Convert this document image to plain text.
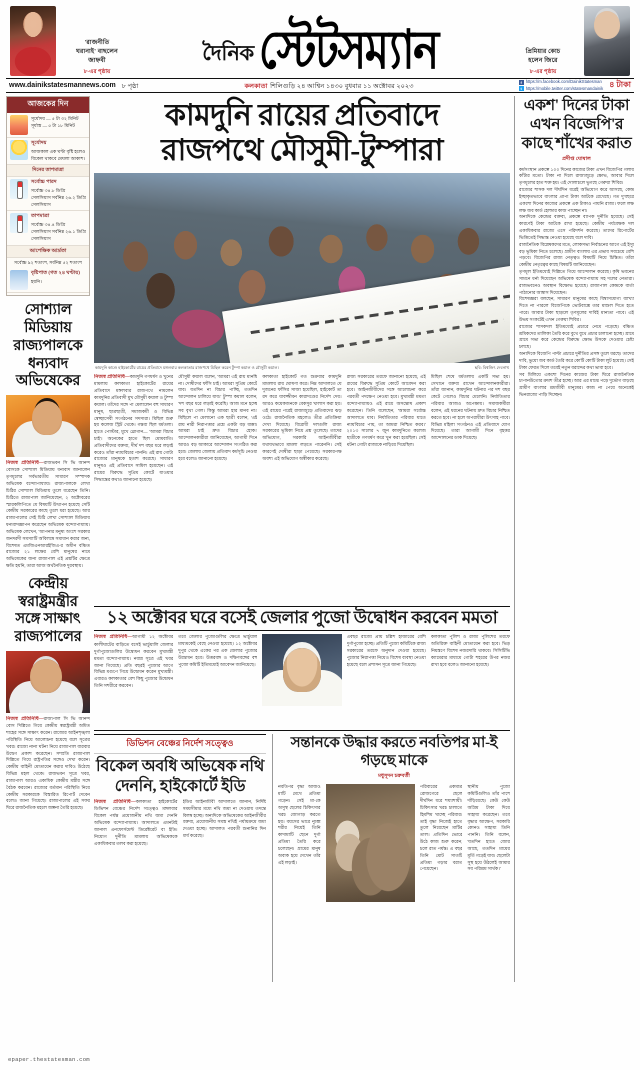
'রাজনীতি
ঘরানাই' বাছলেন
জাহ্নবী
৮-এর পৃষ্ঠায়
দৈনিক স্টেটসম্যান	প্রিমিয়ার কোচ
হলেন জিরে
৮-এর পৃষ্ঠায়
www.dainikstatesmannews.com ৮ পৃষ্ঠা	কলকাতা শিলিগুড়ি ২৪ আশ্বিন ১৪৩০ বুধবার ১১ অক্টোবর ২০২৩
f https://m.facebook.com/DainikStatesman
t https://mobile.twitter.com/statesmandainik ৪ টাকা
আজকের দিন
সূর্যোদয় — ৫ টা ৩২ মিনিট সূর্যাস্ত — ৫ টা ১৮ মিনিট
সূর্যোদয়
আজকাল এক ঘণ্টা বৃষ্টি হলেও বিকেল থাকবে মেঘলা আকাশ।
দিনের তাপমাত্রা
সর্বোচ্চ পারদ
সর্বোচ্চ ৩৪.৮ ডিগ্রি সেলসিয়াস সর্বনিম্ন ২৬.২ ডিগ্রি সেলসিয়াস
তাপমাত্রা
সর্বোচ্চ ৩৪.৪ ডিগ্রি সেলসিয়াস সর্বনিম্ন ২৬.১ ডিগ্রি সেলসিয়াস
আপেক্ষিক আর্দ্রতা
সর্বোচ্চ ৯২ শতাংশ, সর্বনিম্ন ৫২ শতাংশ
বৃষ্টিপাত (গত ২৪ ঘণ্টায়)
হয়নি।
সোশ্যাল মিডিয়ায় রাজ্যপালকে ধন্যবাদ অভিষেকের
নিজস্ব প্রতিনিধি—রাজভবন সি ভি আনন্দ বোসকে সোশ্যাল মিডিয়ায় ধন্যবাদ জানালেন তৃণমূলের সর্বভারতীয় সাধারণ সম্পাদক অভিষেক বন্দ্যোপাধ্যায়। রাজ্যপালকে লেখা চিঠির সোশ্যাল মিডিয়ায় তুলে ধরেছেন তিনি। চিঠিতে রাজ্যপাল জানিয়েছেন, ২ অক্টোবরের স্মারকলিপিতে যে বিষয়টি উত্থাপন হয়েছে সেটি কেন্দ্রীয় সরকারের কাছে তুলে ধরা হয়েছে। আর রাজ্যপালের সেই চিঠি লেখা সোশ্যাল মিডিয়ায় ধন্যবাদজ্ঞাপন করেছেন অভিষেক বন্দ্যোপাধ্যায়। অভিষেক লেখেন, 'আপনার মনুষ্য অংশে সরকার জনদরদী সমস্যাটি অবিলম্বে সমাধান করার জন্য, বিশেষত এমজিএনআরইজিএ-র অধীন বঞ্চিত রাজ্যের ২১ লক্ষের বেশি মানুষের নামে অভিষেকের জন্য রাজ্যপাল এই প্রশ্নটির ক্ষেত্রে ক্ষতি হয়নি, তারা আজ অর্থনৈতিক দুরবস্থায়।
কেন্দ্রীয় স্বরাষ্ট্রমন্ত্রীর সঙ্গে সাক্ষাৎ রাজ্যপালের
নিজস্ব প্রতিনিধি—রাজ্যপাল সি ভি আনন্দ বোস দিল্লিতে গিয়ে কেন্দ্রীয় স্বরাষ্ট্রমন্ত্রী অমিত শাহের সঙ্গে সাক্ষাৎ করেন। রাজ্যের আইনশৃঙ্খলা পরিস্থিতি নিয়ে আলোচনা হয়েছে বলে সূত্রের খবর। রাজ্যে নানা ঘটনা নিয়ে রাজ্যপাল বারবার উদ্বেগ প্রকাশ করেছেন। সম্প্রতি রাজ্যপাল দিল্লিতে গিয়ে রাষ্ট্রপতির সঙ্গেও দেখা করেন। কেন্দ্রীয় বাহিনী মোতায়েন করার দাবিও উঠেছে বিভিন্ন মহল থেকে। রাজভবন সূত্রে খবর, রাজ্যপাল আরও একাধিক কেন্দ্রীয় মন্ত্রীর সঙ্গে বৈঠক করবেন। রাজ্যের বর্তমান পরিস্থিতি নিয়ে কেন্দ্রীয় সরকারকে বিস্তারিত রিপোর্ট দেবেন বলেও জানা গিয়েছে। রাজ্যপালের এই সফর ঘিরে রাজনৈতিক মহলে জল্পনা তৈরি হয়েছে।
কামদুনি রায়ের প্রতিবাদে
রাজপথে মৌসুমী-টুম্পারা
কামদুনি কাণ্ডে হাইকোর্টের রায়ের প্রতিবাদে মঙ্গলবার কলকাতার রাজপথে মিছিল করেন টুম্পা কয়াল ও মৌসুমী কয়াল।	ছবি: বিশ্বজিৎ দেবনাথ
নিজস্ব প্রতিনিধি—কামদুনি গণধর্ষণ ও খুনের মামলায় কলকাতা হাইকোর্টের রায়ের প্রতিবাদে মঙ্গলবার রাজপথে নামলেন কামদুনির প্রতিবাদী মুখ মৌসুমী কয়াল ও টুম্পা কয়াল। তাঁদের সঙ্গে পা মেলালেন বহু সাধারণ মানুষ, ছাত্রছাত্রী, সমাজকর্মী ও বিভিন্ন স্বেচ্ছাসেবী সংগঠনের সদস্যরা। মিছিল শুরু হয় কলেজ স্ট্রিট থেকে। গন্তব্য ছিল ধর্মতলা। হাতে পোস্টার, মুখে স্লোগান— 'আমরা বিচার চাই'। অনেকের হাতে ছিল মোমবাতি। প্রতিবাদীদের বক্তব্য, দীর্ঘ দশ বছর ধরে লড়াই করেও তাঁরা ন্যায়বিচার পাননি। এই রায় গোটা রাজ্যের মানুষকে হতাশ করেছে। সাধারণ মানুষও এই প্রতিবাদে সামিল হয়েছেন। এই রায়ের বিরুদ্ধে সুপ্রিম কোর্টে যাওয়ার সিদ্ধান্তের কথাও জানানো হয়েছে।
মৌসুমী কয়াল বলেন, 'আমরা এই রায় মানছি না। দোষীদের ফাঁসি চাই। আমরা সুপ্রিম কোর্টে যাব। যতদিন না বিচার পাচ্ছি, ততদিন আন্দোলন চালিয়ে যাব।' টুম্পা কয়াল বলেন, 'দশ বছর ধরে লড়াই করেছি। আজ মনে হচ্ছে সব বৃথা গেল। কিন্তু আমরা হার মানব না।' মিছিলে পা মেলানো এক ছাত্রী বলেন, 'এই রায় নারী নিরাপত্তার প্রশ্নে একটা বড় ধাক্কা। আমরা চাই দ্রুত বিচার হোক।' আন্দোলনকারীরা জানিয়েছেন, আগামী দিনে আরও বড় আকারে আন্দোলন সংগঠিত করা হবে। জেলায় জেলায় প্রতিবাদ কর্মসূচি নেওয়া হবে বলেও জানানো হয়েছে।
কলকাতা হাইকোর্ট গত শুক্রবার কামদুনি মামলায় রায় ঘোষণা করে। নিম্ন আদালতে যে দুজনের ফাঁসির সাজা হয়েছিল, হাইকোর্ট তা রদ করে যাবজ্জীবন কারাদণ্ডের নির্দেশ দেয়। আরও কয়েকজনকে বেকসুর খালাস করা হয়। এই রায়ের পরেই রাজ্যজুড়ে প্রতিবাদের ঝড় ওঠে। রাজনৈতিক মহলেও তীব্র প্রতিক্রিয়া দেখা দিয়েছে। বিরোধী দলগুলি রাজ্য সরকারের ভূমিকা নিয়ে প্রশ্ন তুলেছে। তাদের অভিযোগ, সরকারি আইনজীবীরা যথাযথভাবে মামলা লড়তে পারেননি। সেই কারণেই দোষীরা ছাড়া পেয়েছে। সরকারপক্ষ অবশ্য এই অভিযোগ অস্বীকার করেছে।
রাজ্য সরকারের তরফে জানানো হয়েছে, এই রায়ের বিরুদ্ধে সুপ্রিম কোর্টে আবেদন করা হবে। আইনজীবীদের সঙ্গে আলোচনা করে পরবর্তী পদক্ষেপ নেওয়া হবে। মুখ্যমন্ত্রী মমতা বন্দ্যোপাধ্যায়ও এই রায়ে অসন্তোষ প্রকাশ করেছেন। তিনি বলেছেন, 'আমরা সর্বোচ্চ আদালতে যাব। নির্যাতিতার পরিবার যাতে ন্যায়বিচার পায়, তা আমরা নিশ্চিত করব।' ২০১৩ সালের ৭ জুন কামদুনিতে কলেজ ছাত্রীকে গণধর্ষণ করে খুন করা হয়েছিল। সেই ঘটনা গোটা রাজ্যকে নাড়িয়ে দিয়েছিল।
মিছিল শেষে ধর্মতলায় একটি সভা হয়। সেখানে বক্তব্য রাখেন আন্দোলনকারীরা। তাঁরা জানান, কামদুনির ঘটনার পর দশ বছর কেটে গেলেও বিচার মেলেনি। নির্যাতিতার পরিবার আজও অপেক্ষায়। সমাজকর্মীরা বলেন, এই ধরনের ঘটনায় দ্রুত বিচার নিশ্চিত করতে হবে। না হলে অপরাধীরা উৎসাহ পাবে। বিভিন্ন মহিলা সংগঠনও এই প্রতিবাদে যোগ দিয়েছে। তারা আগামী দিনে বৃহত্তর আন্দোলনের ডাক দিয়েছে।
১২ অক্টোবর ঘরে বসেই জেলার পুজো উদ্বোধন করবেন মমতা
নিজস্ব প্রতিনিধি—আগামী ১২ অক্টোবর কালীঘাটের বাড়িতে বসেই ভার্চুয়ালি জেলার দুর্গাপুজোগুলির উদ্বোধন করবেন মুখ্যমন্ত্রী মমতা বন্দ্যোপাধ্যায়। নবান্ন সূত্রে এই খবর জানা গিয়েছে। প্রতি বছরই পুজোর আগে বিভিন্ন মণ্ডপে গিয়ে উদ্বোধন করেন মুখ্যমন্ত্রী। এবারও কলকাতার বেশ কিছু পুজোর উদ্বোধন তিনি সশরীরে করবেন।
তবে জেলার পুজোগুলির ক্ষেত্রে ভার্চুয়াল মাধ্যমকেই বেছে নেওয়া হয়েছে। ১২ অক্টোবর দুপুর থেকে একের পর এক জেলার পুজোর উদ্বোধন হবে। উত্তরবঙ্গ ও দক্ষিণবঙ্গের বহু পুজো কমিটি ইতিমধ্যেই আবেদন জানিয়েছে।
এবছর রাজ্যে প্রায় চল্লিশ হাজারের বেশি দুর্গাপুজো হচ্ছে। প্রতিটি পুজো কমিটিকে রাজ্য সরকারের তরফে অনুদান দেওয়া হয়েছে। পুজোর নিরাপত্তা নিয়েও বিশেষ ব্যবস্থা নেওয়া হয়েছে বলে প্রশাসন সূত্রে জানা গিয়েছে।
কলকাতা পুলিশ ও রাজ্য পুলিশের তরফে অতিরিক্ত বাহিনী মোতায়েন করা হবে। ভিড় নিয়ন্ত্রণে বিশেষ নজরদারি থাকবে। সিসিটিভি ক্যামেরার মাধ্যমে গোটা শহরের উপর নজর রাখা হবে বলেও জানানো হয়েছে।
ডিভিশন বেঞ্চের নির্দেশ সত্ত্বেও
বিকেল অবধি অভিষেক নথি দেননি, হাইকোর্টে ইডি
নিজস্ব প্রতিনিধি—কলকাতা হাইকোর্টের ডিভিশন বেঞ্চের নির্দেশ সত্ত্বেও মঙ্গলবার বিকেল পর্যন্ত প্রয়োজনীয় নথি জমা দেননি অভিষেক বন্দ্যোপাধ্যায়। আদালতে এমনটাই জানাল এনফোর্সমেন্ট ডিরেক্টরেট বা ইডি। নিয়োগ দুর্নীতি মামলায় অভিষেককে একাধিকবার তলব করা হয়েছে।
ইডির আইনজীবী আদালতে জানান, নির্দিষ্ট সময়সীমার মধ্যে নথি জমা না দেওয়ায় তদন্তে বিলম্ব হচ্ছে। অন্যদিকে অভিষেকের আইনজীবীর বক্তব্য, প্রয়োজনীয় সমস্ত নথিই পর্যায়ক্রমে জমা দেওয়া হচ্ছে। আদালত পরবর্তী শুনানির দিন ধার্য করেছে।
সন্তানকে উদ্ধার করতে নবতিপর মা-ই গড়ছে মাকে
মধুসূদন চক্রবর্তী
নবতিপর বৃদ্ধা আজও মাটি মেখে প্রতিমা গড়েন। সেই মা-কে অসুস্থ ছেলের চিকিৎসার খরচ জোগাড় করতে হয়। বয়সের ভারে ন্যুব্জ শরীর নিয়েই তিনি কাদামাটি ছেনে দুর্গা প্রতিমা তৈরি করে চলেছেন। গ্রামের মানুষ অবাক হয়ে দেখেন তাঁর এই লড়াই।
পরিবারের একমাত্র রোজগেরে ছেলে দীর্ঘদিন ধরে শয্যাশায়ী। চিকিৎসার খরচ চালাতে হিমশিম খাচ্ছে পরিবার। তাই বৃদ্ধা নিজেই হাতে তুলে নিয়েছেন মাটির তাল। প্রতিদিন ভোরে উঠে কাজ শুরু করেন, চলে রাত পর্যন্ত। এ বছর তিনি মোট সাতটি প্রতিমা গড়ার বরাত পেয়েছেন।
স্থানীয় পুজো কমিটিগুলিও তাঁর পাশে দাঁড়িয়েছে। কেউ কেউ অগ্রিম টাকা দিয়ে সাহায্য করেছেন। তবে বৃদ্ধার আক্ষেপ, সরকারি কোনও সাহায্য তিনি পাননি। তিনি বলেন, 'যতদিন হাতে জোর আছে, ততদিন মায়ের মূর্তি গড়েই যাব। ছেলেটা সুস্থ হয়ে উঠলেই আমার সব পরিশ্রম সার্থক।'
একশ' দিনের টাকা এখন বিজেপি'র কাছে শাঁখের করাত
প্রদীপ্ত ঘোষাল
কর্মসংস্থান প্রকল্পে ১০০ দিনের কাজের টাকা এখন বিজেপির গলায় কাঁটার মতো। টাকা না দিলে রাজ্যজুড়ে ক্ষোভ, আবার দিলে তৃণমূলের হাত শক্ত হয়। এই দোলাচলে ভুগছে গেরুয়া শিবির।
রাজ্যের শাসক দল দীর্ঘদিন ধরেই অভিযোগ করে আসছে, কেন্দ্র ইচ্ছাকৃতভাবে বাংলার প্রাপ্য টাকা আটকে রেখেছে। গত দু'বছরে একশো দিনের কাজের প্রকল্পে এক টাকাও পায়নি রাজ্য। ফলে লক্ষ লক্ষ জব কার্ড হোল্ডার কাজ পাচ্ছেন না।
অন্যদিকে কেন্দ্রের বক্তব্য, প্রকল্পে ব্যাপক দুর্নীতি হয়েছে। সেই কারণেই টাকা আটকে রাখা হয়েছে। কেন্দ্রীয় পর্যবেক্ষক দল একাধিকবার রাজ্যে এসে পরিদর্শন করেছে। তাদের রিপোর্টের ভিত্তিতেই সিদ্ধান্ত নেওয়া হয়েছে বলে দাবি।
রাজনৈতিক বিশ্লেষকদের মতে, লোকসভা নির্বাচনের আগে এই ইস্যু বড় ভূমিকা নিতে চলেছে। গ্রামীণ বাংলায় এর প্রভাব সবচেয়ে বেশি পড়বে। বিজেপির রাজ্য নেতৃত্বও বিষয়টি নিয়ে চিন্তিত। তাঁরা কেন্দ্রীয় নেতৃত্বের কাছে বিষয়টি জানিয়েছেন।
তৃণমূল ইতিমধ্যেই দিল্লিতে গিয়ে আন্দোলন করেছে। কৃষি ভবনের সামনে ধর্না দিয়েছেন অভিষেক বন্দ্যোপাধ্যায় সহ দলের নেতারা। রাজভবনেও অবস্থান বিক্ষোভ হয়েছে। রাজ্যপাল কেন্দ্রকে বার্তা পাঠানোর আশ্বাস দিয়েছেন।
বিশেষজ্ঞরা বলছেন, সাধারণ মানুষের কাছে বিশ্বাসযোগ্য ব্যাখ্যা দিতে না পারলে বিজেপিকে ভোটবাক্সে তার মাশুল দিতে হতে পারে। আবার টাকা ছাড়লে তৃণমূলের দাবিই মান্যতা পাবে। এই উভয় সংকটেই এখন গেরুয়া শিবির।
রাজ্যের শাসকদল ইতিমধ্যেই প্রচারে নেমে পড়েছে। বঞ্চিত শ্রমিকদের তালিকা তৈরি করে বুথে বুথে প্রচার চালানো হচ্ছে। গ্রামে গ্রামে সভা করে কেন্দ্রের বিরুদ্ধে ক্ষোভ উসকে দেওয়ার চেষ্টা চলছে।
অন্যদিকে বিজেপি পাল্টা প্রচারে দুর্নীতির প্রসঙ্গ তুলে ধরছে। তাদের দাবি, ভুয়ো জব কার্ড তৈরি করে কোটি কোটি টাকা লুট হয়েছে। সেই টাকা ফেরত দিলে তবেই নতুন বরাদ্দের কথা ভাবা হবে।
সব মিলিয়ে একশো দিনের কাজের টাকা ঘিরে রাজনৈতিক চাপানউতোর ক্রমশ তীব্র হচ্ছে। আর এর মাঝে পড়ে দুর্ভোগ বাড়ছে গ্রামীণ বাংলার শ্রমজীবী মানুষের। কাজ না পেয়ে অনেকেই ভিনরাজ্যে পাড়ি দিচ্ছেন।
epaper.thestatesman.com
